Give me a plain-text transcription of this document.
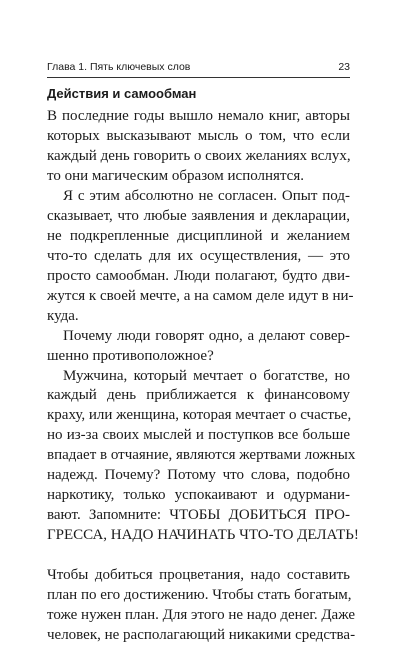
Глава 1. Пять ключевых слов	23
Действия и самообман

В последние годы вышло немало книг, авторы

которых высказывают мысль о том, что если

каждый день говорить о своих желаниях вслух,

то они магическим образом исполнятся.

Я с этим абсолютно не согласен. Опыт под-

сказывает, что любые заявления и декларации,

не подкрепленные дисциплиной и желанием

что-то сделать для их осуществления, — это

просто самообман. Люди полагают, будто дви-

жутся к своей мечте, а на самом деле идут в ни-

куда.

Почему люди говорят одно, а делают совер-

шенно противоположное?

Мужчина, который мечтает о богатстве, но

каждый день приближается к финансовому

краху, или женщина, которая мечтает о счастье,

но из-за своих мыслей и поступков все больше

впадает в отчаяние, являются жертвами ложных

надежд. Почему? Потому что слова, подобно

наркотику, только успокаивают и одурмани-

вают. Запомните: ЧТОБЫ ДОБИТЬСЯ ПРО-

ГРЕССА, НАДО НАЧИНАТЬ ЧТО-ТО ДЕЛАТЬ!

Чтобы добиться процветания, надо составить

план по его достижению. Чтобы стать богатым,

тоже нужен план. Для этого не надо денег. Даже

человек, не располагающий никакими средства-
